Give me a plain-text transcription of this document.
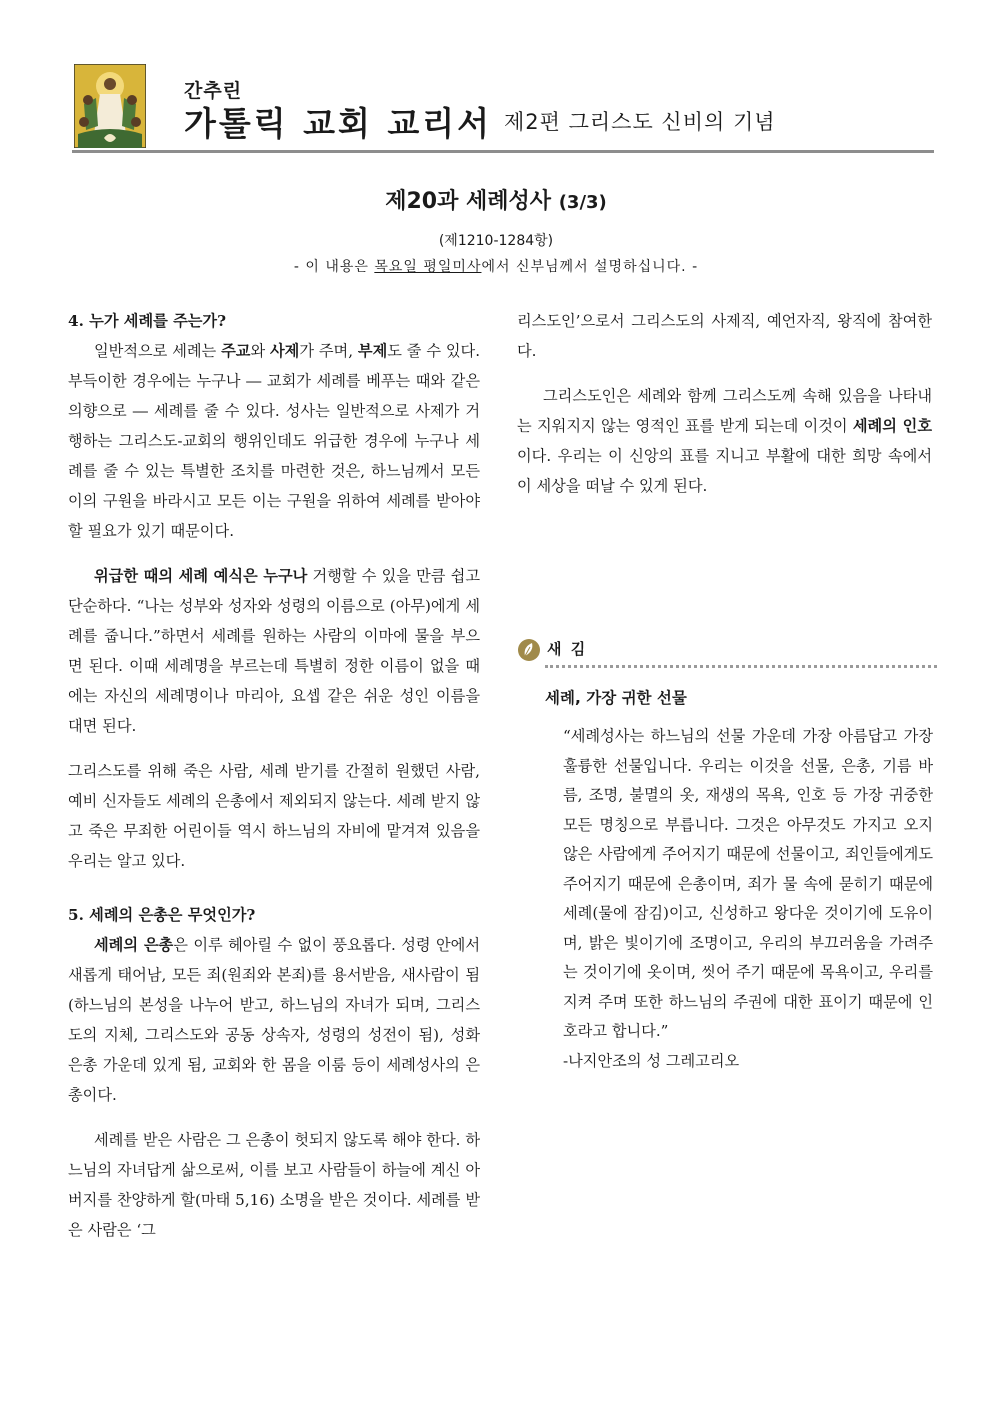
간추린
가톨릭 교회 교리서 제2편 그리스도 신비의 기념
제20과 세례성사 (3/3)
(제1210-1284항)
- 이 내용은 목요일 평일미사에서 신부님께서 설명하십니다. -
4. 누가 세례를 주는가?

일반적으로 세례는 주교와 사제가 주며, 부제도 줄 수 있다. 부득이한 경우에는 누구나 ― 교회가 세례를 베푸는 때와 같은 의향으로 ― 세례를 줄 수 있다. 성사는 일반적으로 사제가 거행하는 그리스도-교회의 행위인데도 위급한 경우에 누구나 세례를 줄 수 있는 특별한 조치를 마련한 것은, 하느님께서 모든 이의 구원을 바라시고 모든 이는 구원을 위하여 세례를 받아야 할 필요가 있기 때문이다.

위급한 때의 세례 예식은 누구나 거행할 수 있을 만큼 쉽고 단순하다. “나는 성부와 성자와 성령의 이름으로 (아무)에게 세례를 줍니다.”하면서 세례를 원하는 사람의 이마에 물을 부으면 된다. 이때 세례명을 부르는데 특별히 정한 이름이 없을 때에는 자신의 세례명이나 마리아, 요셉 같은 쉬운 성인 이름을 대면 된다.

그리스도를 위해 죽은 사람, 세례 받기를 간절히 원했던 사람, 예비 신자들도 세례의 은총에서 제외되지 않는다. 세례 받지 않고 죽은 무죄한 어린이들 역시 하느님의 자비에 맡겨져 있음을 우리는 알고 있다.

5. 세례의 은총은 무엇인가?

세례의 은총은 이루 헤아릴 수 없이 풍요롭다. 성령 안에서 새롭게 태어남, 모든 죄(원죄와 본죄)를 용서받음, 새사람이 됨(하느님의 본성을 나누어 받고, 하느님의 자녀가 되며, 그리스도의 지체, 그리스도와 공동 상속자, 성령의 성전이 됨), 성화 은총 가운데 있게 됨, 교회와 한 몸을 이룸 등이 세례성사의 은총이다.

세례를 받은 사람은 그 은총이 헛되지 않도록 해야 한다. 하느님의 자녀답게 삶으로써, 이를 보고 사람들이 하늘에 계신 아버지를 찬양하게 할(마태 5,16) 소명을 받은 것이다. 세례를 받은 사람은 ‘그

리스도인’으로서 그리스도의 사제직, 예언자직, 왕직에 참여한다.

그리스도인은 세례와 함께 그리스도께 속해 있음을 나타내는 지워지지 않는 영적인 표를 받게 되는데 이것이 세례의 인호이다. 우리는 이 신앙의 표를 지니고 부활에 대한 희망 속에서 이 세상을 떠날 수 있게 된다.

새 김
세례, 가장 귀한 선물

“세례성사는 하느님의 선물 가운데 가장 아름답고 가장 훌륭한 선물입니다. 우리는 이것을 선물, 은총, 기름 바름, 조명, 불멸의 옷, 재생의 목욕, 인호 등 가장 귀중한 모든 명칭으로 부릅니다. 그것은 아무것도 가지고 오지 않은 사람에게 주어지기 때문에 선물이고, 죄인들에게도 주어지기 때문에 은총이며, 죄가 물 속에 묻히기 때문에 세례(물에 잠김)이고, 신성하고 왕다운 것이기에 도유이며, 밝은 빛이기에 조명이고, 우리의 부끄러움을 가려주는 것이기에 옷이며, 씻어 주기 때문에 목욕이고, 우리를 지켜 주며 또한 하느님의 주권에 대한 표이기 때문에 인호라고 합니다.”

-나지안조의 성 그레고리오
